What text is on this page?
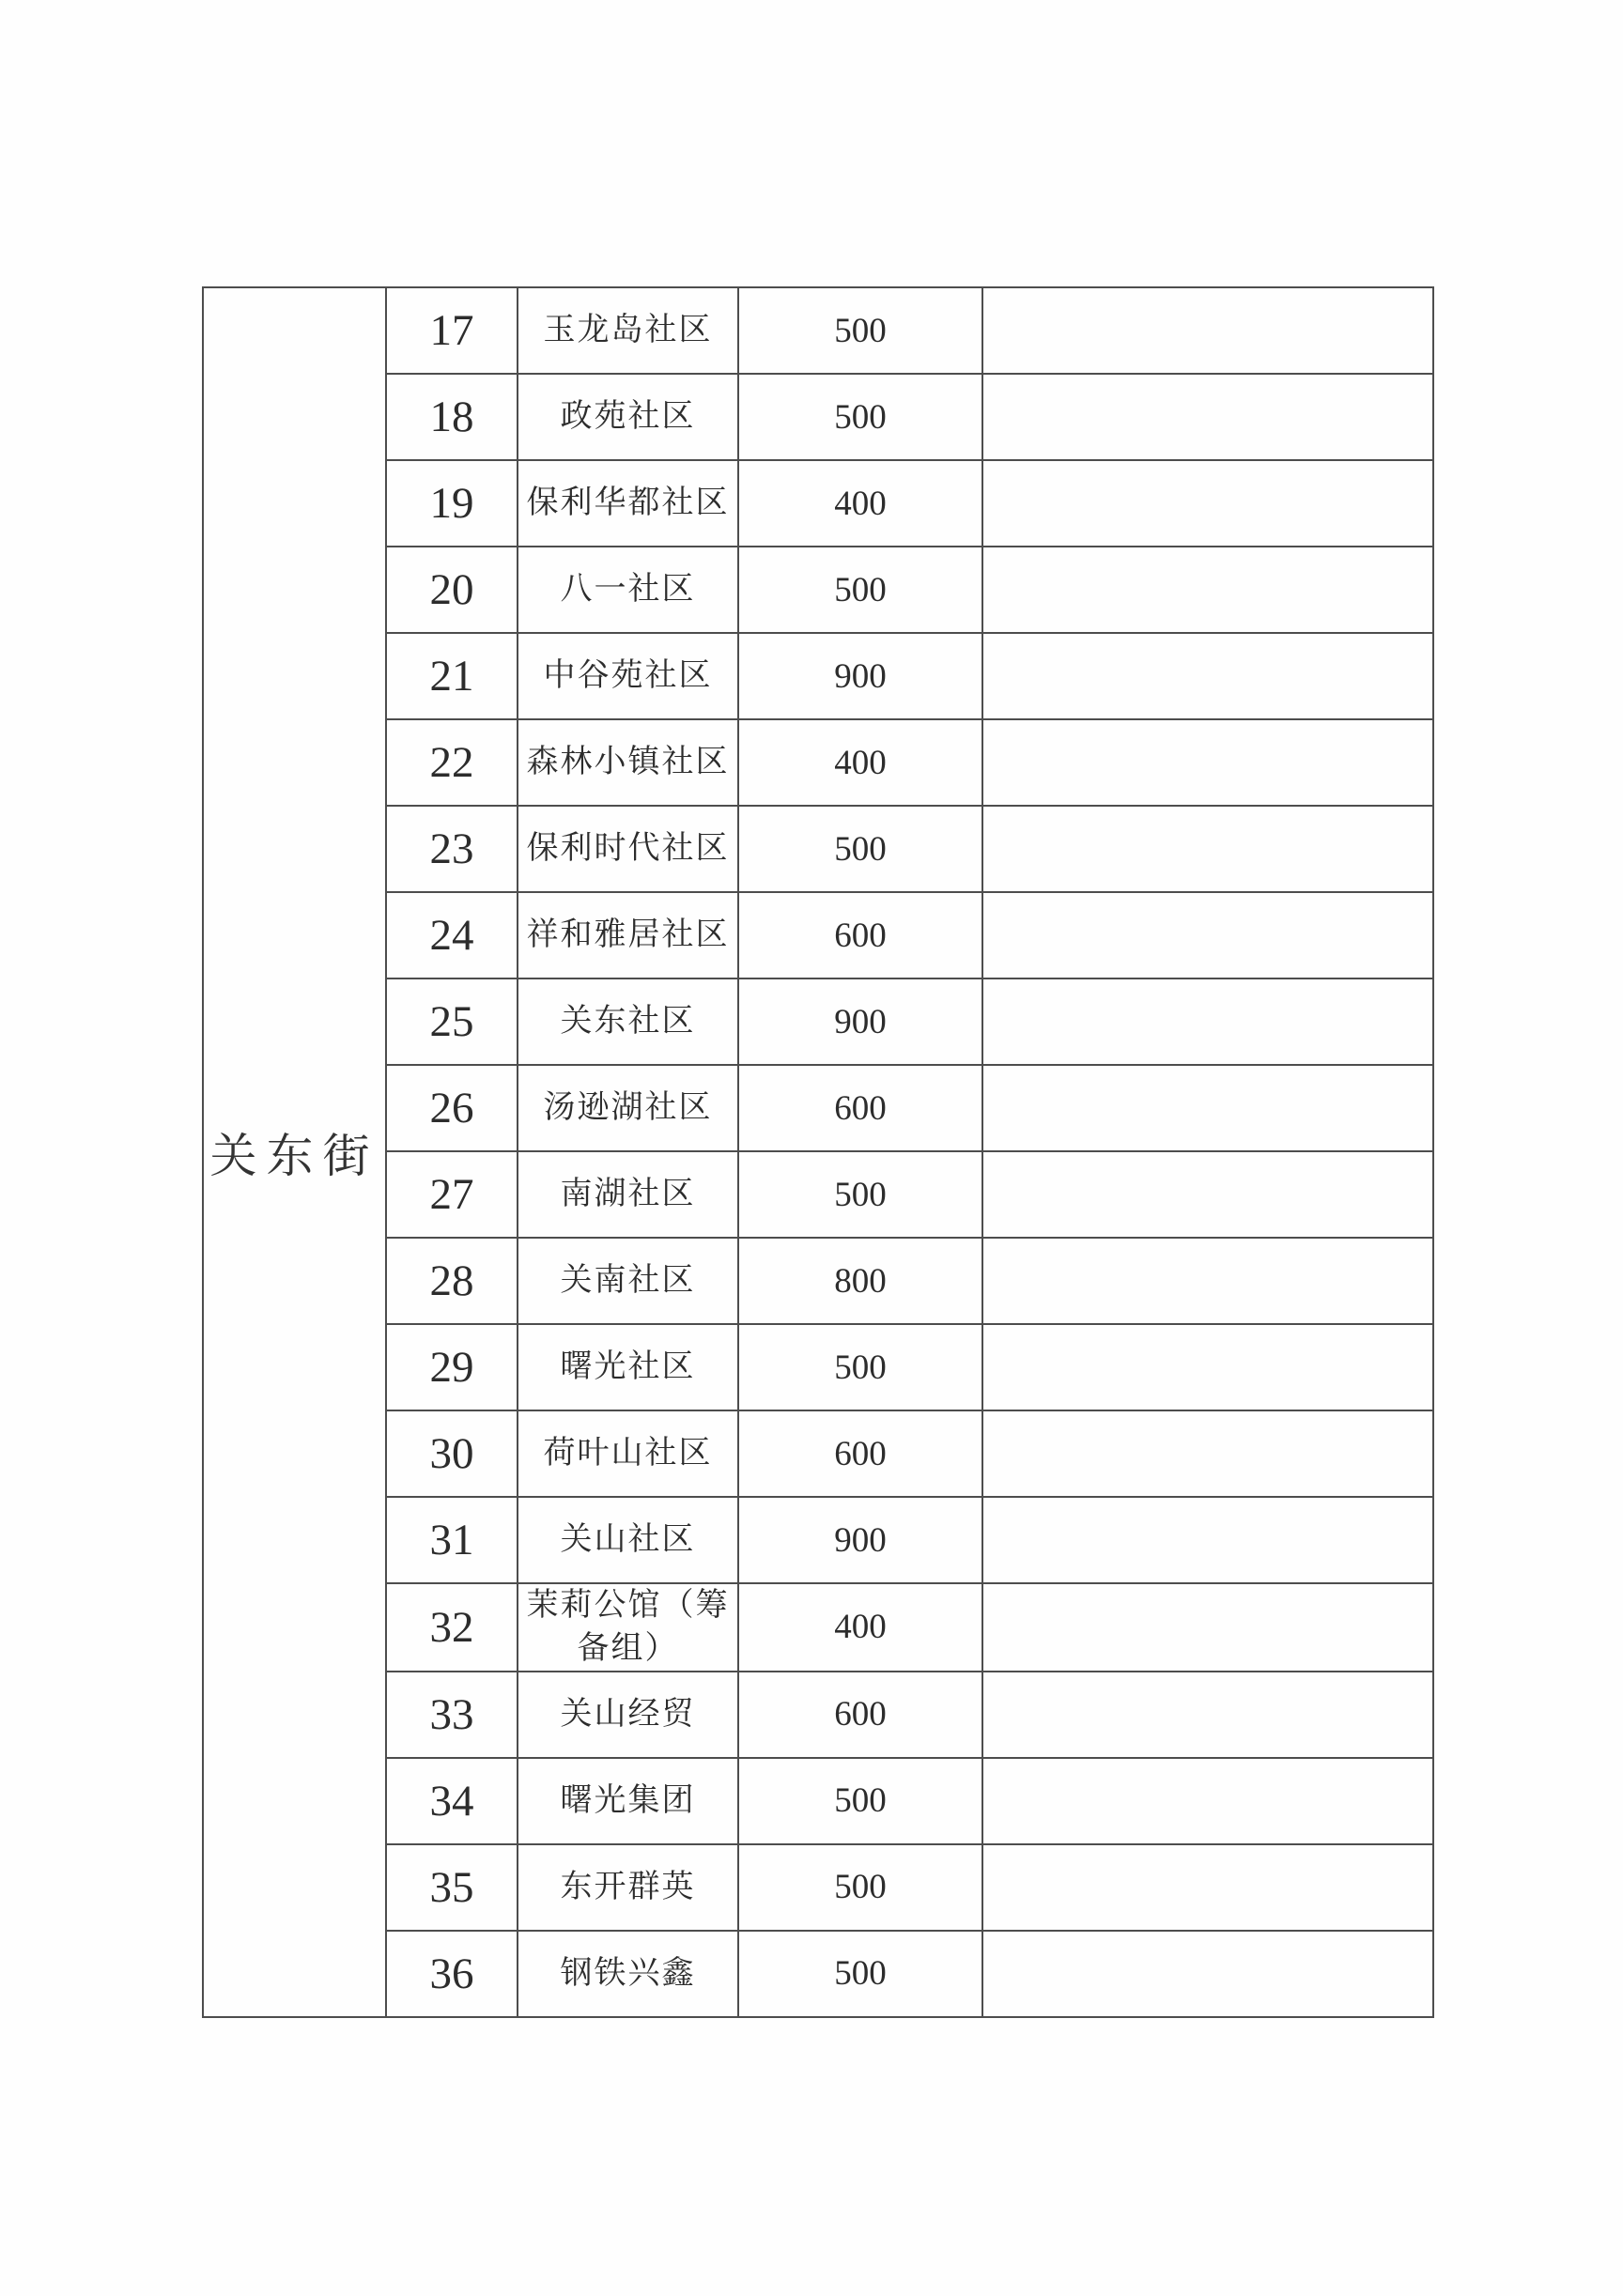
关东街	17	玉龙岛社区	500	
	18	政苑社区	500	
	19	保利华都社区	400	
	20	八一社区	500	
	21	中谷苑社区	900	
	22	森林小镇社区	400	
	23	保利时代社区	500	
	24	祥和雅居社区	600	
	25	关东社区	900	
	26	汤逊湖社区	600	
	27	南湖社区	500	
	28	关南社区	800	
	29	曙光社区	500	
	30	荷叶山社区	600	
	31	关山社区	900	
	32	茉莉公馆（筹备组）	400	
	33	关山经贸	600	
	34	曙光集团	500	
	35	东开群英	500	
	36	钢铁兴鑫	500	
